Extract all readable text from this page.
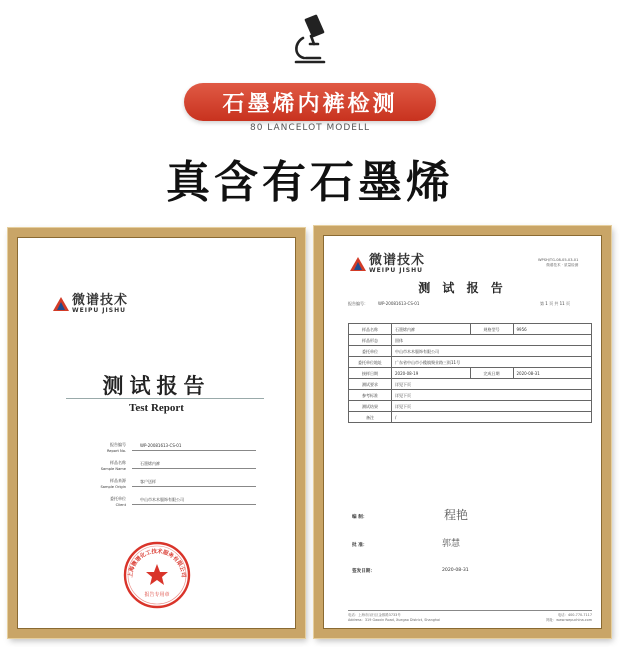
石墨烯内裤检测
80 LANCELOT MODELL
真含有石墨烯
微谱技术
WEIPU JISHU
测试报告
Test Report
报告编号
Report No.
WP-20081613-CS-01
样品名称
Sample Name
石墨烯内裤
样品来源
Sample Origin
客户送样
委托单位
Client
中山市木木服饰有限公司
上海微谱化工技术服务有限公司
报告专用章
微谱技术
WEIPU JISHU
WPSH/TG-08-05-03-01
微谱技术 · 质量检测
测 试 报 告
报告编号：	WP-20081613-CS-01	第 1 页 共 11 页
样品名称	石墨烯内裤	规格型号	9956
样品形态	固体		
委托单位	中山市木木服饰有限公司		
委托单位地址	广东省中山市小榄镇聚业路三街11号		
接样日期	2020-08-19	完成日期	2020-08-31
测试要求	详见下页		
参考标准	详见下页		
测试结果	详见下页		
备注	/		
编 制：	程艳
批 准：	郭慧
签发日期：	2020-08-31
电话：上海市闵行区金都路3733号
Address：319 Gaoxin Road, Xuegao District, Shanghai
电话：400-770-7117
网址：www.wepuchina.com
